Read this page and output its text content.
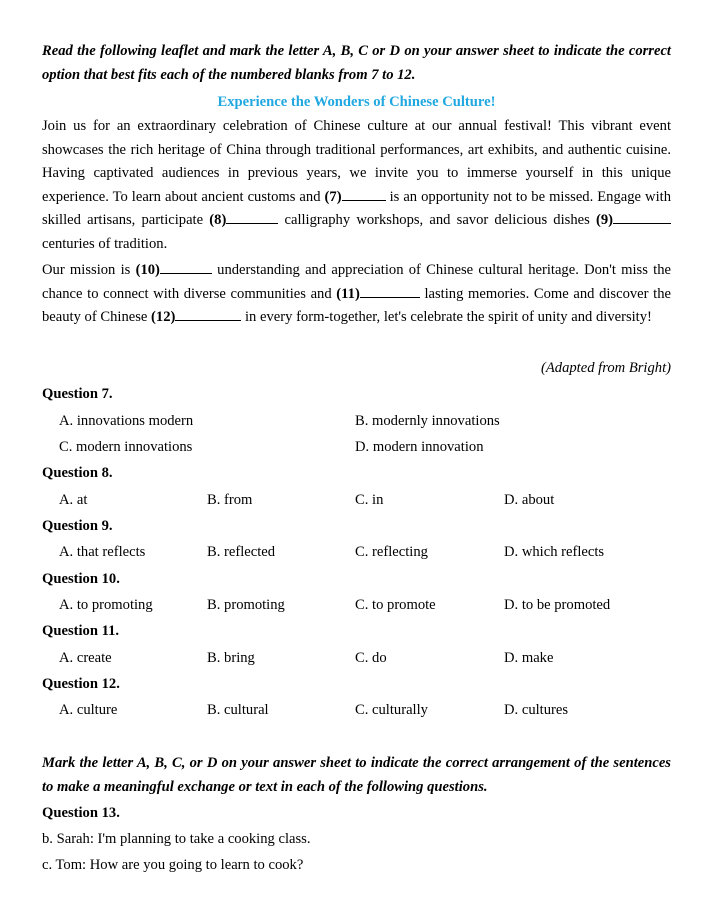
Read the following leaflet and mark the letter A, B, C or D on your answer sheet to indicate the correct option that best fits each of the numbered blanks from 7 to 12.
Experience the Wonders of Chinese Culture!
Join us for an extraordinary celebration of Chinese culture at our annual festival! This vibrant event showcases the rich heritage of China through traditional performances, art exhibits, and authentic cuisine. Having captivated audiences in previous years, we invite you to immerse yourself in this unique experience. To learn about ancient customs and (7)	is an opportunity not to be missed. Engage with skilled artisans, participate (8)	calligraphy workshops, and savor delicious dishes (9) centuries of tradition.
Our mission is (10)	understanding and appreciation of Chinese cultural heritage. Don't miss the chance to connect with diverse communities and (11)	lasting memories. Come and discover the beauty of Chinese (12)	in every form-together, let's celebrate the spirit of unity and diversity!
(Adapted from Bright)
Question 7.
A. innovations modern	B. modernly innovations
C. modern innovations	D. modern innovation
Question 8.
A. at	B. from	C. in	D. about
Question 9.
A. that reflects	B. reflected	C. reflecting	D. which reflects
Question 10.
A. to promoting	B. promoting	C. to promote	D. to be promoted
Question 11.
A. create	B. bring	C. do	D. make
Question 12.
A. culture	B. cultural	C. culturally	D. cultures
Mark the letter A, B, C, or D on your answer sheet to indicate the correct arrangement of the sentences to make a meaningful exchange or text in each of the following questions.
Question 13.
b. Sarah: I'm planning to take a cooking class.
c. Tom: How are you going to learn to cook?
